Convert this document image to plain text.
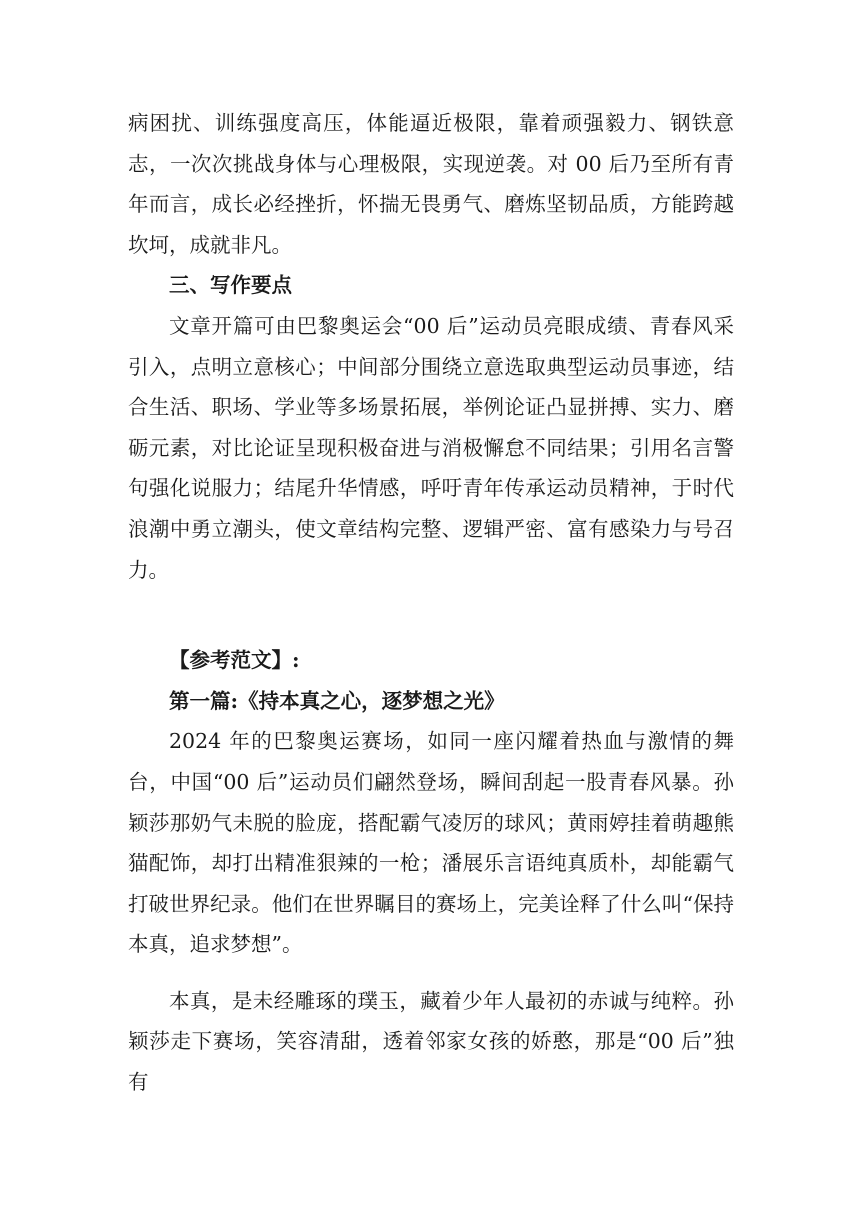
病困扰、训练强度高压，体能逼近极限，靠着顽强毅力、钢铁意志，一次次挑战身体与心理极限，实现逆袭。对 00 后乃至所有青年而言，成长必经挫折，怀揣无畏勇气、磨炼坚韧品质，方能跨越坎坷，成就非凡。

三、写作要点

文章开篇可由巴黎奥运会“00 后”运动员亮眼成绩、青春风采引入，点明立意核心；中间部分围绕立意选取典型运动员事迹，结合生活、职场、学业等多场景拓展，举例论证凸显拼搏、实力、磨砺元素，对比论证呈现积极奋进与消极懈怠不同结果；引用名言警句强化说服力；结尾升华情感，呼吁青年传承运动员精神，于时代浪潮中勇立潮头，使文章结构完整、逻辑严密、富有感染力与号召力。

【参考范文】:

第一篇:《持本真之心，逐梦想之光》

2024 年的巴黎奥运赛场，如同一座闪耀着热血与激情的舞台，中国“00 后”运动员们翩然登场，瞬间刮起一股青春风暴。孙颖莎那奶气未脱的脸庞，搭配霸气凌厉的球风；黄雨婷挂着萌趣熊猫配饰，却打出精准狠辣的一枪；潘展乐言语纯真质朴，却能霸气打破世界纪录。他们在世界瞩目的赛场上，完美诠释了什么叫“保持本真，追求梦想”。

本真，是未经雕琢的璞玉，藏着少年人最初的赤诚与纯粹。孙颖莎走下赛场，笑容清甜，透着邻家女孩的娇憨，那是“00 后”独有
